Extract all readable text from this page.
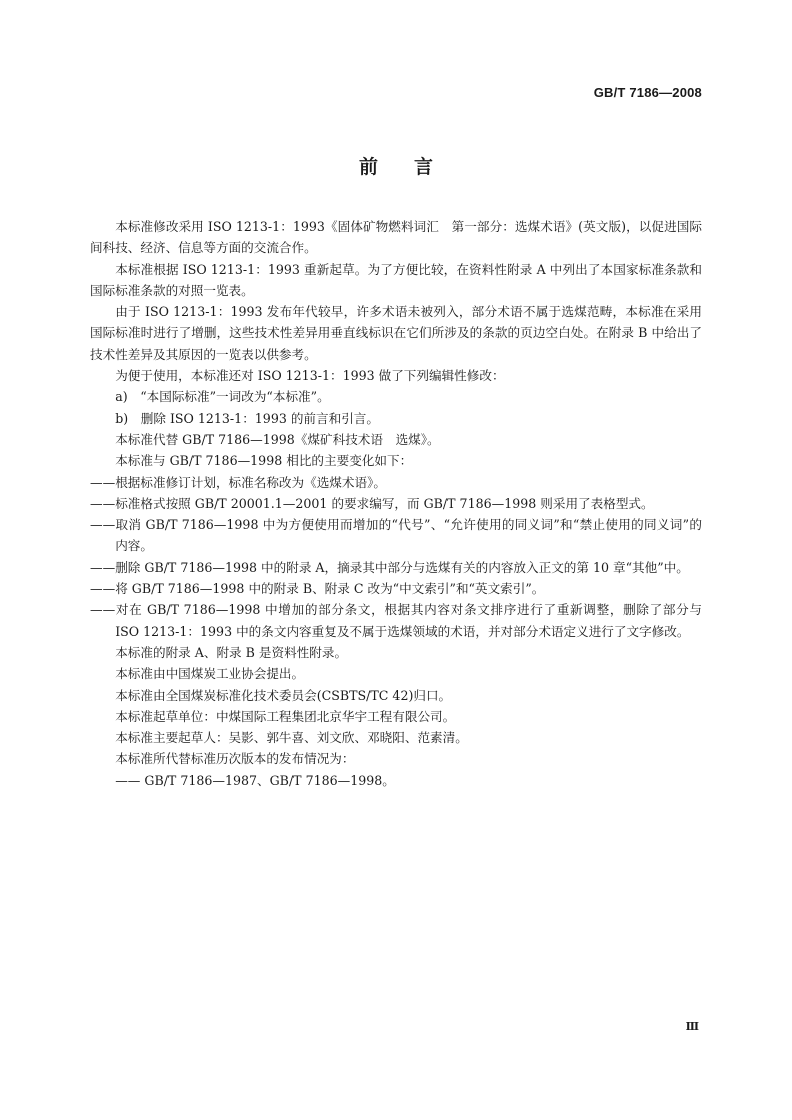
GB/T 7186—2008
前 言
本标准修改采用 ISO 1213-1：1993《固体矿物燃料词汇　第一部分：选煤术语》(英文版)，以促进国际间科技、经济、信息等方面的交流合作。
本标准根据 ISO 1213-1：1993 重新起草。为了方便比较，在资料性附录 A 中列出了本国家标准条款和国际标准条款的对照一览表。
由于 ISO 1213-1：1993 发布年代较早，许多术语未被列入，部分术语不属于选煤范畴，本标准在采用国际标准时进行了增删，这些技术性差异用垂直线标识在它们所涉及的条款的页边空白处。在附录 B 中给出了技术性差异及其原因的一览表以供参考。
为便于使用，本标准还对 ISO 1213-1：1993 做了下列编辑性修改：
a)　“本国际标准”一词改为“本标准”。
b)　删除 ISO 1213-1：1993 的前言和引言。
本标准代替 GB/T 7186—1998《煤矿科技术语　选煤》。
本标准与 GB/T 7186—1998 相比的主要变化如下：
——根据标准修订计划，标准名称改为《选煤术语》。
——标准格式按照 GB/T 20001.1—2001 的要求编写，而 GB/T 7186—1998 则采用了表格型式。
——取消 GB/T 7186—1998 中为方便使用而增加的“代号”、“允许使用的同义词”和“禁止使用的同义词”的内容。
——删除 GB/T 7186—1998 中的附录 A，摘录其中部分与选煤有关的内容放入正文的第 10 章“其他”中。
——将 GB/T 7186—1998 中的附录 B、附录 C 改为“中文索引”和“英文索引”。
——对在 GB/T 7186—1998 中增加的部分条文，根据其内容对条文排序进行了重新调整，删除了部分与 ISO 1213-1：1993 中的条文内容重复及不属于选煤领域的术语，并对部分术语定义进行了文字修改。
本标准的附录 A、附录 B 是资料性附录。
本标准由中国煤炭工业协会提出。
本标准由全国煤炭标准化技术委员会(CSBTS/TC 42)归口。
本标准起草单位：中煤国际工程集团北京华宇工程有限公司。
本标准主要起草人：吴影、郭牛喜、刘文欣、邓晓阳、范素清。
本标准所代替标准历次版本的发布情况为：
—— GB/T 7186—1987、GB/T 7186—1998。
Ⅲ
